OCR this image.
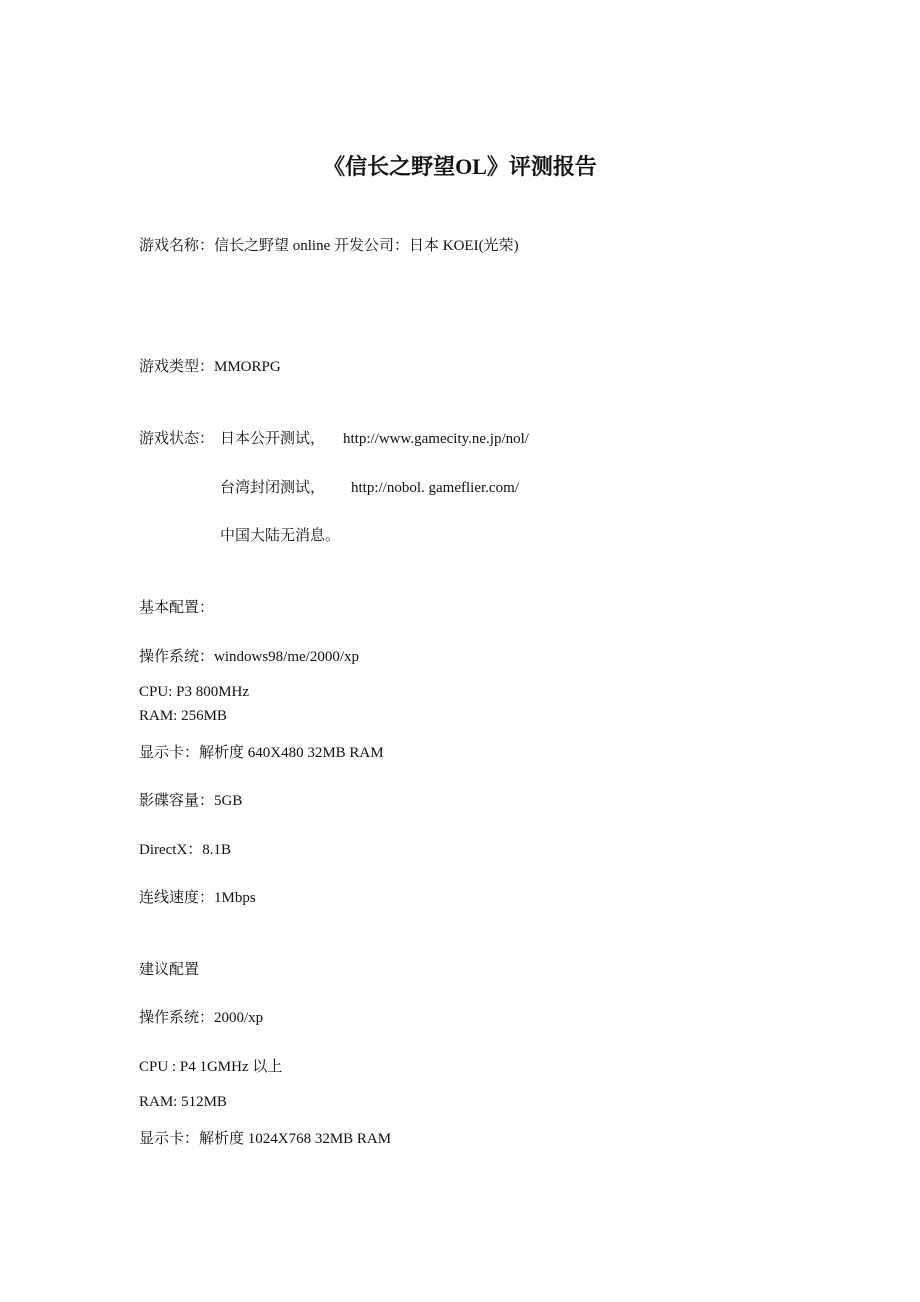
《信长之野望OL》评测报告
游戏名称：信长之野望 online 开发公司：日本 KOEI(光荣)
游戏类型：MMORPG
游戏状态： 日本公开测试， http://www.gamecity.ne.jp/nol/
台湾封闭测试， http://nobol. gameflier.com/
中国大陆无消息。
基本配置：
操作系统：windows98/me/2000/xp
CPU: P3 800MHz
RAM: 256MB
显示卡：解析度 640X480 32MB RAM
影碟容量：5GB
DirectX：8.1B
连线速度：1Mbps
建议配置
操作系统：2000/xp
CPU : P4 1GMHz 以上
RAM: 512MB
显示卡：解析度 1024X768 32MB RAM
